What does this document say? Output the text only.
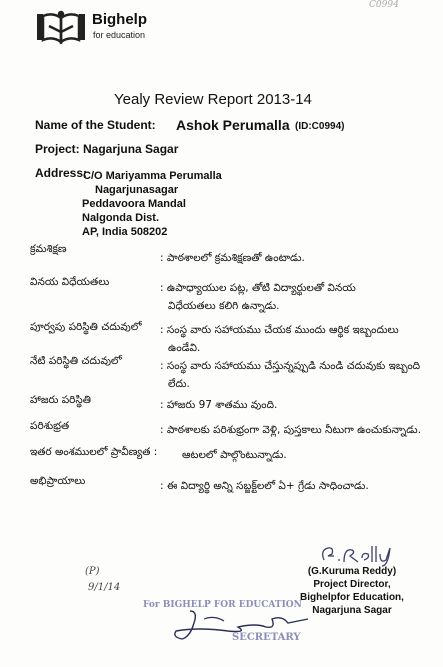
Bighelp
for education
C0994
Yealy Review Report 2013-14
Name of the Student: Ashok Perumalla (ID:C0994)
Project: Nagarjuna Sagar
Address:
C/O Mariyamma Perumalla
Nagarjunasagar
Peddavoora Mandal
Nalgonda Dist.
AP, India 508202
క్రమశిక్షణ
: పాఠశాలలో క్రమశిక్షణతో ఉంటాడు.
వినయ విధేయతలు	: ఉపాధ్యాయుల పట్ల, తోటి విద్యార్థులతో వినయ
విధేయతలు కలిగి ఉన్నాడు.
పూర్వపు పరిస్థితి చదువులో : సంస్థ వారు సహాయము చేయక ముందు ఆర్థిక ఇబ్బందులు
ఉండేవి.
నేటి పరిస్థితి చదువులో	: సంస్థ వారు సహాయము చేస్తున్నప్పుడి నుండి చదువుకు ఇబ్బంది
లేదు.
హాజరు పరిస్థితి	: హాజరు 97 శాతము వుంది.
పరిశుభ్రత	: పాఠశాలకు పరిశుభ్రంగా వెళ్లి, పుస్తకాలు నీటుగా ఉంచుకున్నాడు.
ఇతర అంశములలో ప్రావీణ్యత : ఆటలలో పాల్గొంటున్నాడు.
అభిప్రాయాలు	: ఈ విద్యార్థి అన్ని సబ్జక్ట్‌లలో ఏ+ గ్రేడు సాధించాడు.
(G.Kuruma Reddy)
Project Director,
Bighelpfor Education,
Nagarjuna Sagar
(P)
9/1/14
For BIGHELP FOR EDUCATION
SECRETARY
